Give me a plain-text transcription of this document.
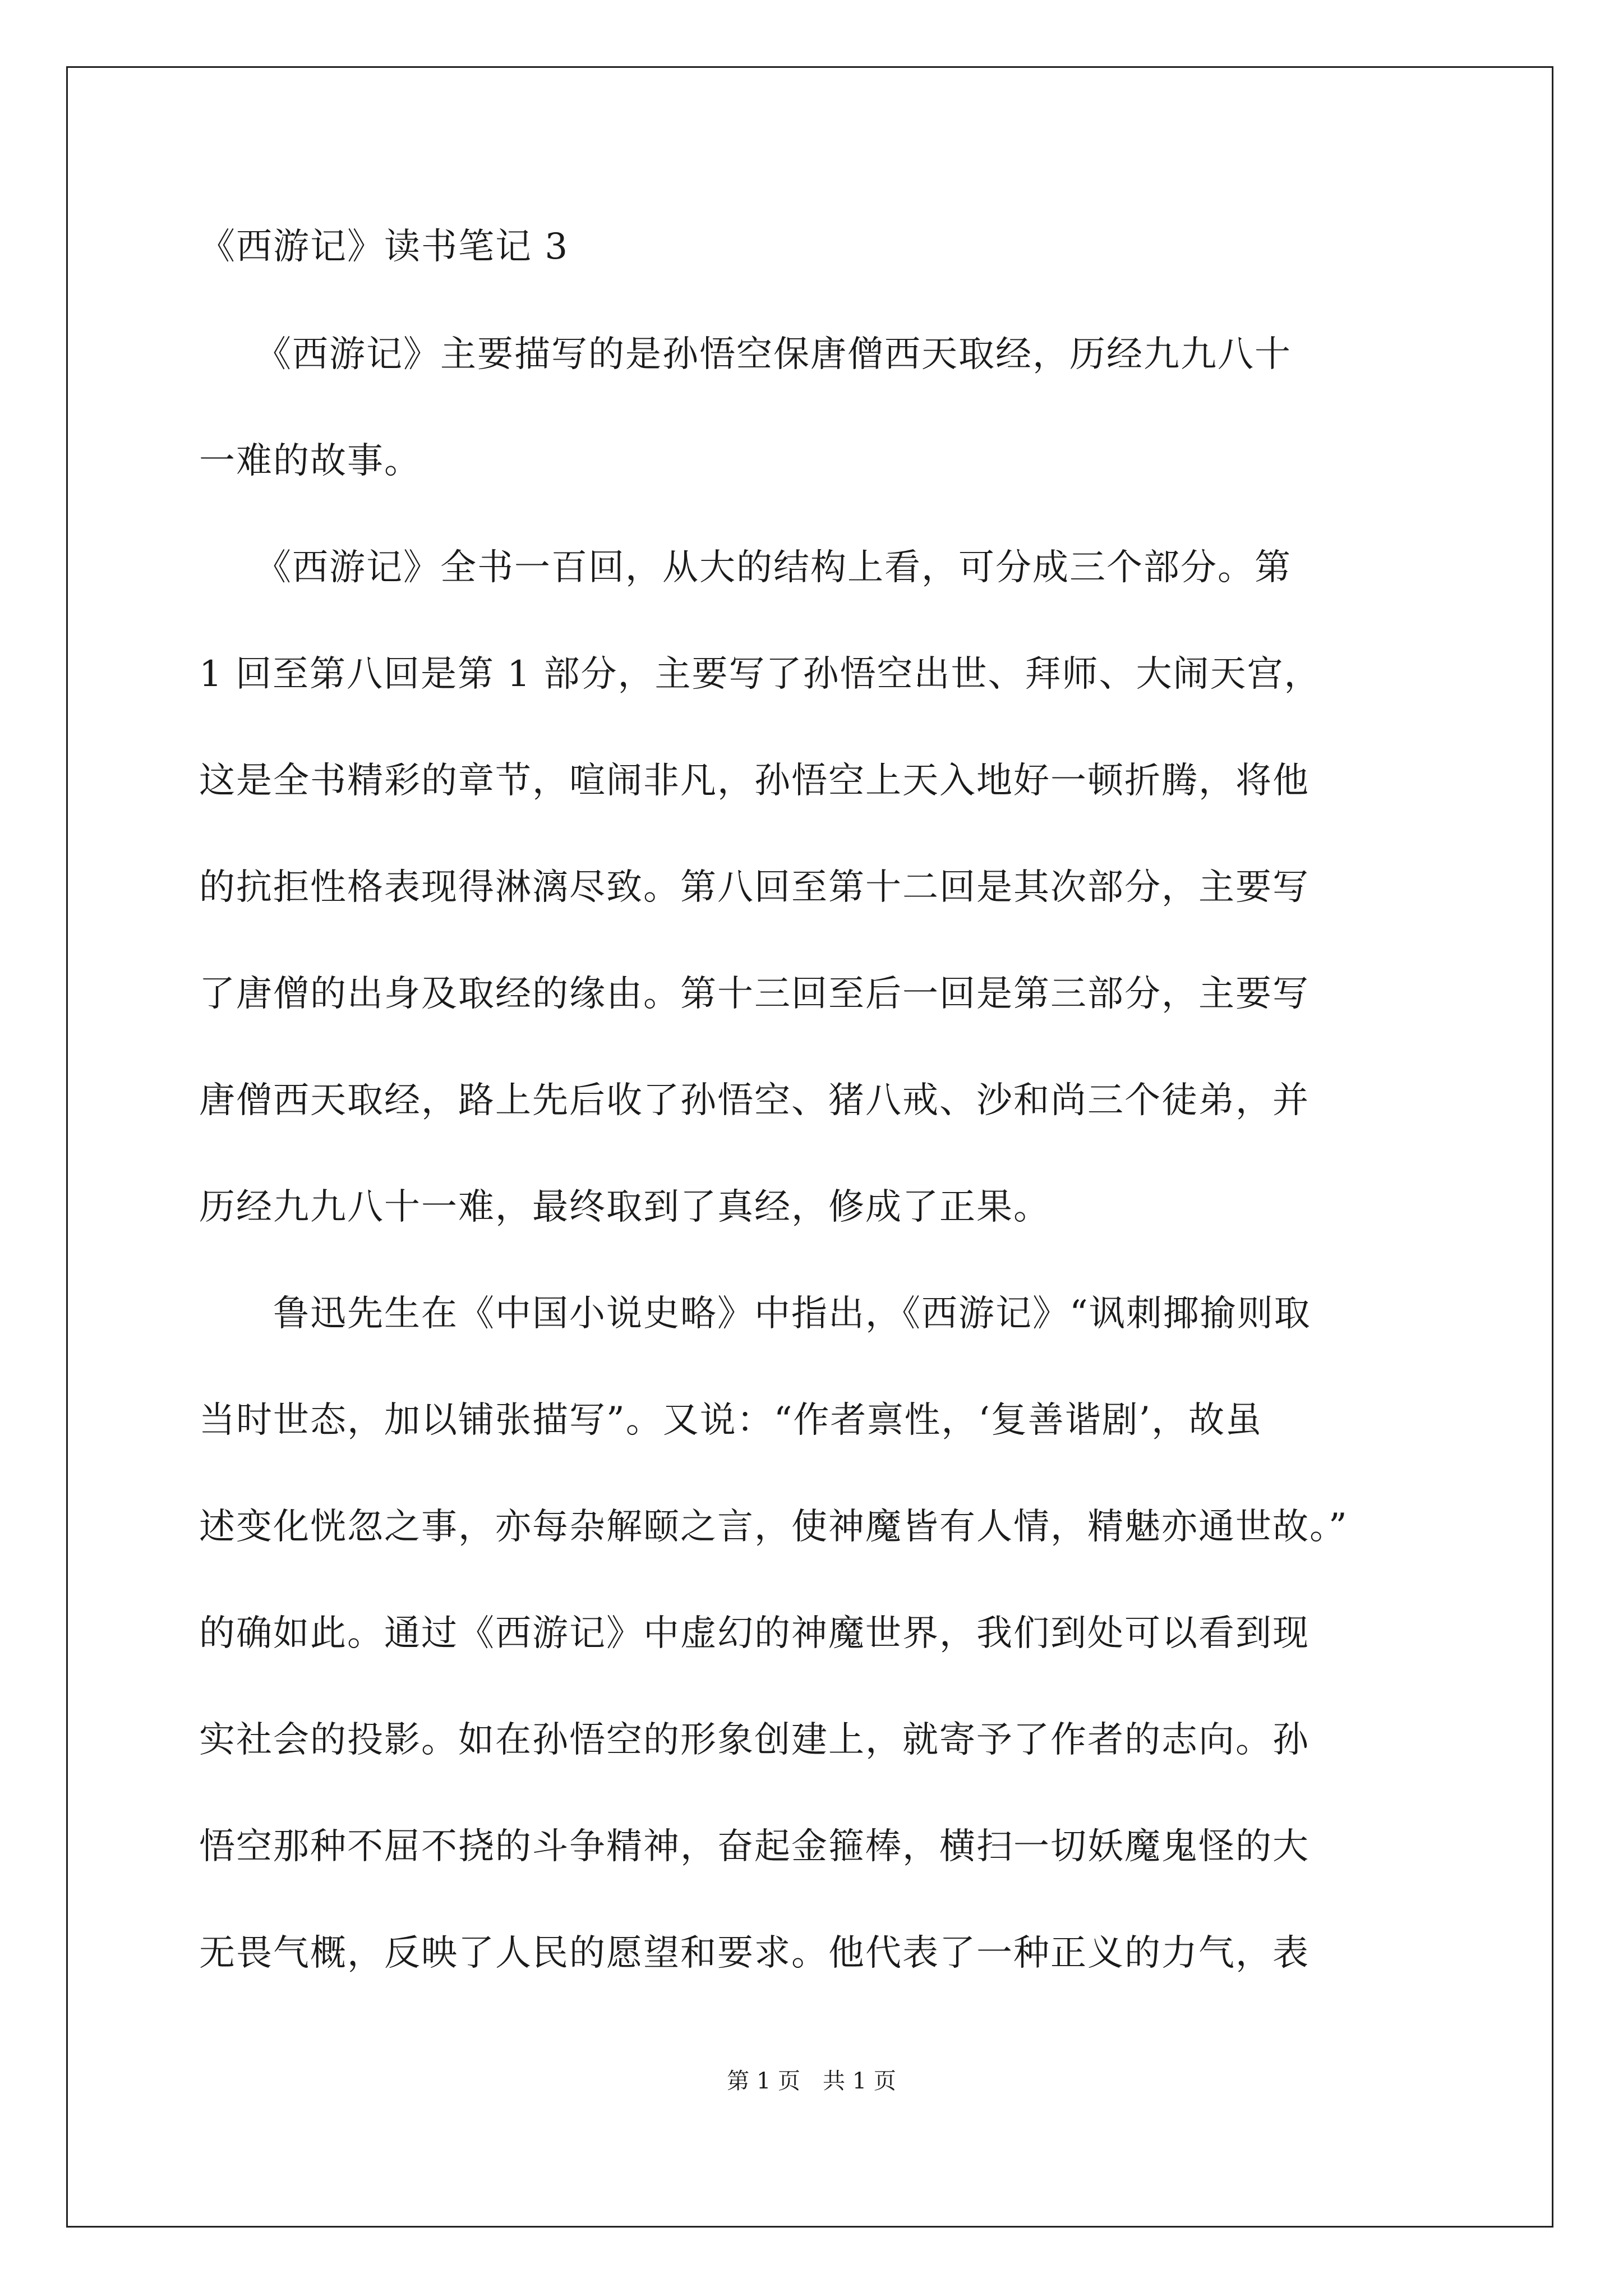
《西游记》读书笔记 3
　　《西游记》主要描写的是孙悟空保唐僧西天取经，历经九九八十
一难的故事。
　　《西游记》全书一百回，从大的结构上看，可分成三个部分。第
1 回至第八回是第 1 部分，主要写了孙悟空出世、拜师、大闹天宫，
这是全书精彩的章节，喧闹非凡，孙悟空上天入地好一顿折腾，将他
的抗拒性格表现得淋漓尽致。第八回至第十二回是其次部分，主要写
了唐僧的出身及取经的缘由。第十三回至后一回是第三部分，主要写
唐僧西天取经，路上先后收了孙悟空、猪八戒、沙和尚三个徒弟，并
历经九九八十一难，最终取到了真经，修成了正果。
　　鲁迅先生在《中国小说史略》中指出，《西游记》“讽刺揶揄则取
当时世态，加以铺张描写”。又说：“作者禀性，‘复善谐剧’，故虽
述变化恍忽之事，亦每杂解颐之言，使神魔皆有人情，精魅亦通世故。”
的确如此。通过《西游记》中虚幻的神魔世界，我们到处可以看到现
实社会的投影。如在孙悟空的形象创建上，就寄予了作者的志向。孙
悟空那种不屈不挠的斗争精神，奋起金箍棒，横扫一切妖魔鬼怪的大
无畏气概，反映了人民的愿望和要求。他代表了一种正义的力气，表
第 1 页　共 1 页
